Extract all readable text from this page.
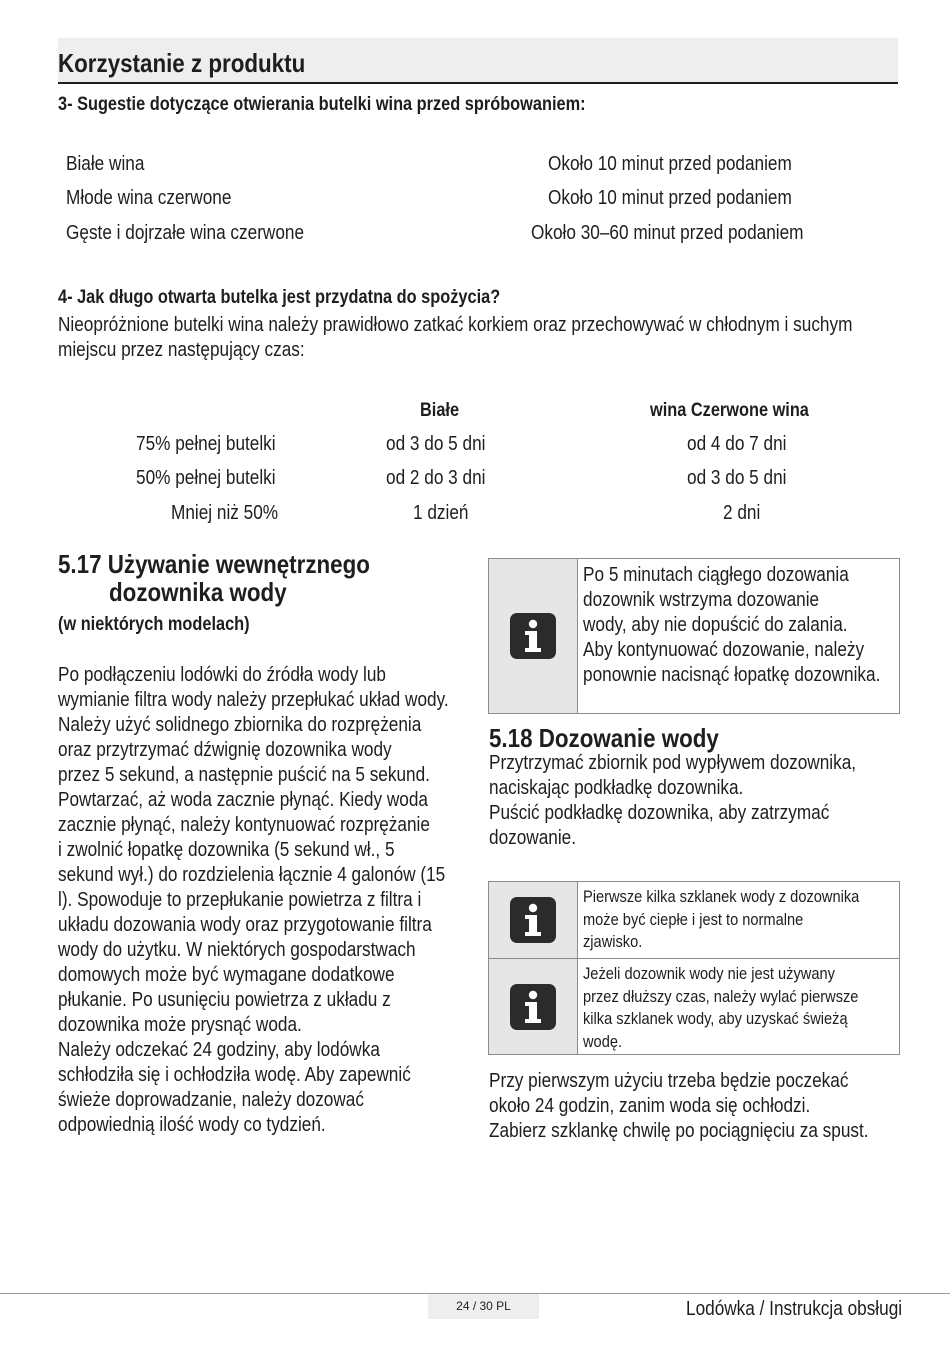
Korzystanie z produktu
3- Sugestie dotyczące otwierania butelki wina przed spróbowaniem:
Białe wina
Młode wina czerwone
Gęste i dojrzałe wina czerwone
Około 10 minut przed podaniem
Około 10 minut przed podaniem
Około 30–60 minut przed podaniem
4- Jak długo otwarta butelka jest przydatna do spożycia?
Nieopróżnione butelki wina należy prawidłowo zatkać korkiem oraz przechowywać w chłodnym i suchym
miejscu przez następujący czas:
Białe	wina Czerwone wina
75% pełnej butelki
50% pełnej butelki
Mniej niż 50%
od 3 do 5 dni
od 2 do 3 dni
1 dzień
od 4 do 7 dni
od 3 do 5 dni
2 dni
5.17 Używanie wewnętrznego
dozownika wody
(w niektórych modelach)
Po podłączeniu lodówki do źródła wody lub
wymianie filtra wody należy przepłukać układ wody.
Należy użyć solidnego zbiornika do rozprężenia
oraz przytrzymać dźwignię dozownika wody
przez 5 sekund, a następnie puścić na 5 sekund.
Powtarzać, aż woda zacznie płynąć. Kiedy woda
zacznie płynąć, należy kontynuować rozprężanie
i zwolnić łopatkę dozownika (5 sekund wł., 5
sekund wył.) do rozdzielenia łącznie 4 galonów (15
l). Spowoduje to przepłukanie powietrza z filtra i
układu dozowania wody oraz przygotowanie filtra
wody do użytku. W niektórych gospodarstwach
domowych może być wymagane dodatkowe
płukanie. Po usunięciu powietrza z układu z
dozownika może prysnąć woda.
Należy odczekać 24 godziny, aby lodówka
schłodziła się i ochłodziła wodę. Aby zapewnić
świeże doprowadzanie, należy dozować
odpowiednią ilość wody co tydzień.
Po 5 minutach ciągłego dozowania
dozownik wstrzyma dozowanie
wody, aby nie dopuścić do zalania.
Aby kontynuować dozowanie, należy
ponownie nacisnąć łopatkę dozownika.
5.18 Dozowanie wody
Przytrzymać zbiornik pod wypływem dozownika,
naciskając podkładkę dozownika.
Puścić podkładkę dozownika, aby zatrzymać
dozowanie.
Pierwsze kilka szklanek wody z dozownika
może być ciepłe i jest to normalne
zjawisko.
Jeżeli dozownik wody nie jest używany
przez dłuższy czas, należy wylać pierwsze
kilka szklanek wody, aby uzyskać świeżą
wodę.
Przy pierwszym użyciu trzeba będzie poczekać
około 24 godzin, zanim woda się ochłodzi.
Zabierz szklankę chwilę po pociągnięciu za spust.
24 / 30 PL	Lodówka / Instrukcja obsługi
